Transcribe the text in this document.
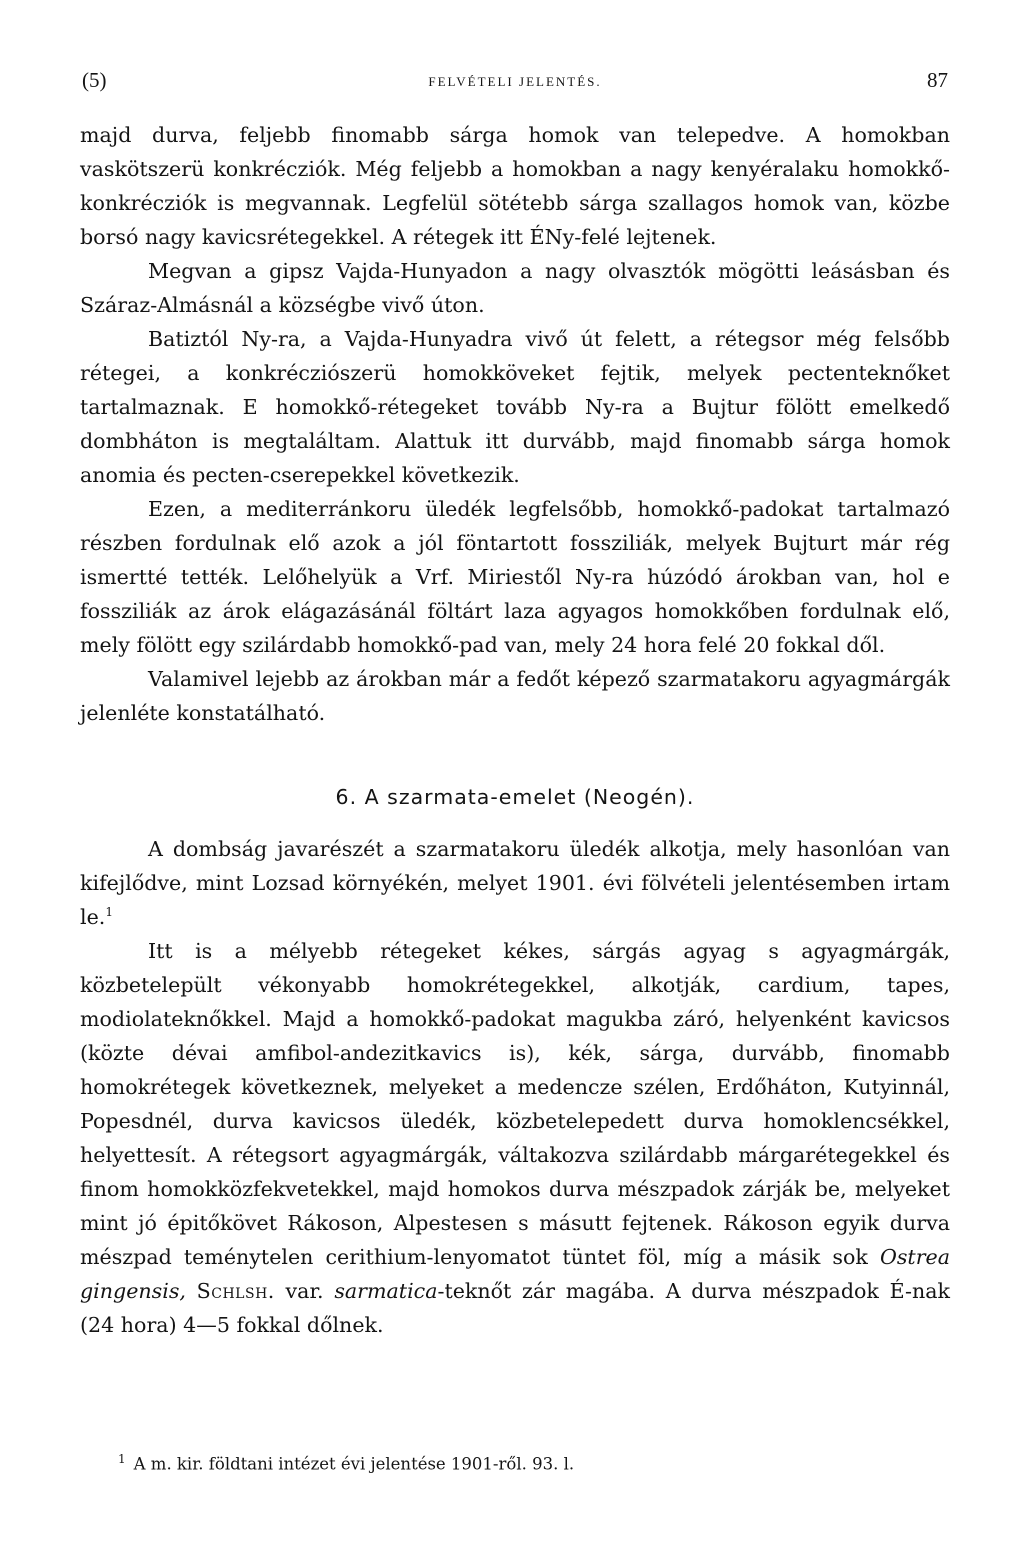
(5)	FELVÉTELI JELENTÉS.	87

majd durva, feljebb finomabb sárga homok van telepedve. A homokban vaskötszerü konkrécziók. Még feljebb a homokban a nagy kenyéralaku homokkő-konkrécziók is megvannak. Legfelül sötétebb sárga szallagos homok van, közbe borsó nagy kavicsrétegekkel. A rétegek itt ÉNy-felé lejtenek.

Megvan a gipsz Vajda-Hunyadon a nagy olvasztók mögötti leásásban és Száraz-Almásnál a községbe vivő úton.

Batiztól Ny-ra, a Vajda-Hunyadra vivő út felett, a rétegsor még felsőbb rétegei, a konkrécziószerü homokköveket fejtik, melyek pectenteknőket tartalmaznak. E homokkő-rétegeket tovább Ny-ra a Bujtur fölött emelkedő dombháton is megtaláltam. Alattuk itt durvább, majd finomabb sárga homok anomia és pecten-cserepekkel következik.

Ezen, a mediterránkoru üledék legfelsőbb, homokkő-padokat tartalmazó részben fordulnak elő azok a jól föntartott fossziliák, melyek Bujturt már rég ismertté tették. Lelőhelyük a Vrf. Miriestől Ny-ra húzódó árokban van, hol e fossziliák az árok elágazásánál föltárt laza agyagos homokkőben fordulnak elő, mely fölött egy szilárdabb homokkő-pad van, mely 24 hora felé 20 fokkal dől.

Valamivel lejebb az árokban már a fedőt képező szarmatakoru agyagmárgák jelenléte konstatálható.

6. A szarmata-emelet (Neogén).

A dombság javarészét a szarmatakoru üledék alkotja, mely hasonlóan van kifejlődve, mint Lozsad környékén, melyet 1901. évi fölvételi jelentésemben irtam le.$^1$

Itt is a mélyebb rétegeket kékes, sárgás agyag s agyagmárgák, közbetelepült vékonyabb homokrétegekkel, alkotják, cardium, tapes, modiolateknőkkel. Majd a homokkő-padokat magukba záró, helyenként kavicsos (közte dévai amfibol-andezitkavics is), kék, sárga, durvább, finomabb homokrétegek következnek, melyeket a medencze szélen, Erdőháton, Kutyinnál, Popesdnél, durva kavicsos üledék, közbetelepedett durva homoklencsékkel, helyettesít. A rétegsort agyagmárgák, váltakozva szilárdabb márgarétegekkel és finom homokközfekvetekkel, majd homokos durva mészpadok zárják be, melyeket mint jó épitőkövet Rákoson, Alpestesen s másutt fejtenek. Rákoson egyik durva mészpad teménytelen cerithium-lenyomatot tüntet föl, míg a másik sok Ostrea gingensis, Schlsh. var. sarmatica-teknőt zár magába. A durva mészpadok É-nak (24 hora) 4—5 fokkal dőlnek.

$^1$ A m. kir. földtani intézet évi jelentése 1901-ről. 93. l.
